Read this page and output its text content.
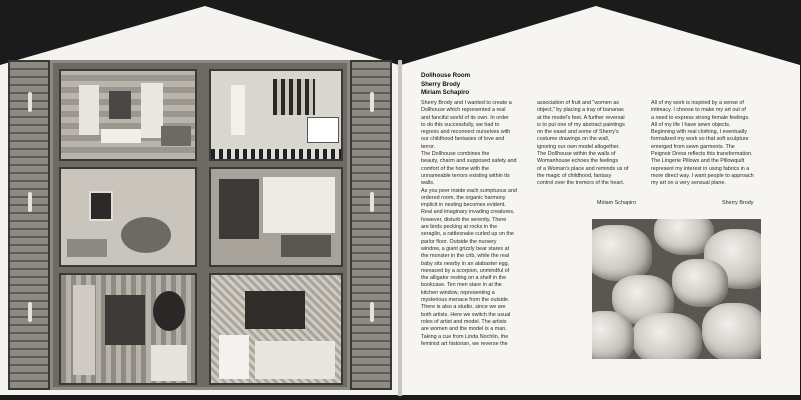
Dollhouse Room
Sherry Brody
Miriam Schapiro

Sherry Brody and I wanted to create a

Dollhouse which represented a real

and fanciful world of its own. In order

to do this successfully, we had to

regress and reconnect ourselves with

our childhood fantasies of love and

terror.

The Dollhouse combines the

beauty, charm and supposed safety and

comfort of the home with the

unnameable terrors existing within its

walls.

As you peer inside each sumptuous and

ordered room, the organic harmony

implicit in nesting becomes evident.

Real and imaginary invading creatures,

however, disturb the serenity. There

are birds pecking at rocks in the

seraglio, a rattlesnake curled up on the

parlor floor. Outside the nursery

window, a giant grizzly bear stares at

the monster in the crib, while the real

baby sits nearby in an alabaster egg,

menaced by a scorpion, unmindful of

the alligator resting on a shelf in the

bookcase. Ten men stare in at the

kitchen window, representing a

mysterious menace from the outside.

There is also a studio, since we are

both artists. Here we switch the usual

roles of artist and model. The artists

are women and the model is a man.

Taking a cue from Linda Nochlin, the

feminist art historian, we reverse the

association of fruit and "women as

object," by placing a tray of bananas

at the model's feet. A further reversal

is to put one of my abstract paintings

on the easel and some of Sherry's

costume drawings on the wall,

ignoring our own model altogether.

The Dollhouse within the walls of

Womanhouse echoes the feelings

of a Woman's place and reminds us of

the magic of childhood, fantasy

control over the tremors of the heart.

All of my work is inspired by a sense of

intimacy. I choose to make my art out of

a need to express strong female feelings.

All of my life I have sewn objects.

Beginning with real clothing, I eventually

formalized my work so that soft sculpture

emerged from sewn garments. The

Peignoir Dress reflects this transformation.

The Lingerie Pillows and the Pillowquilt

represent my interest in using fabrics in a

more direct way. I want people to approach

my art on a very sensual plane.

Miriam Schapiro	Sherry Brody
